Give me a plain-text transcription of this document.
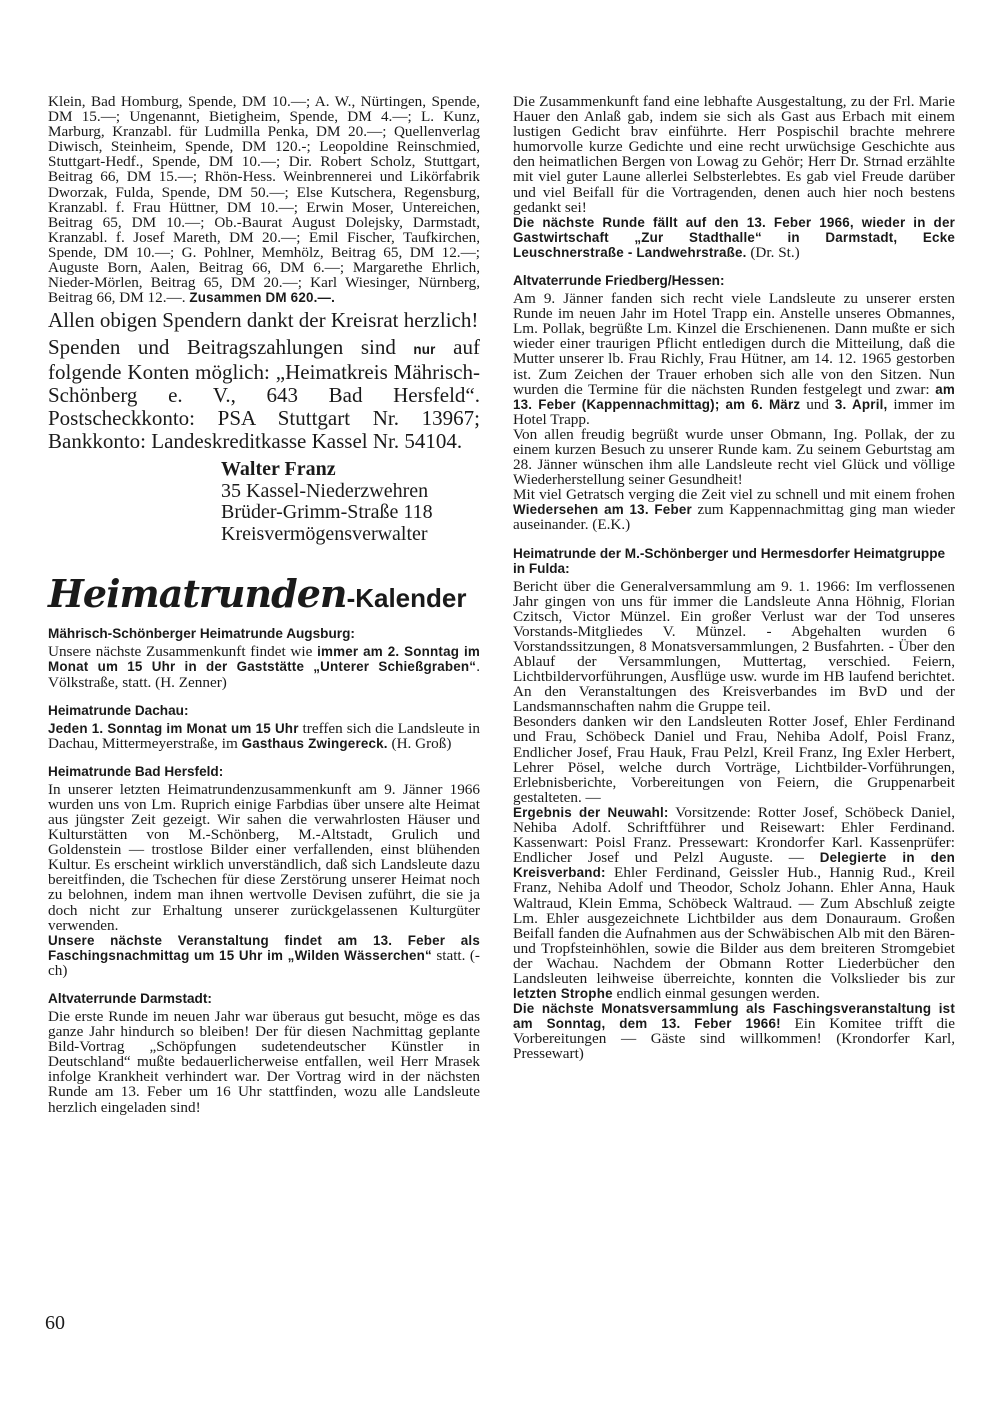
Klein, Bad Homburg, Spende, DM 10.—; A. W., Nürtingen, Spende, DM 15.—; Ungenannt, Bietigheim, Spende, DM 4.—; L. Kunz, Marburg, Kranzabl. für Ludmilla Penka, DM 20.—; Quellenverlag Diwisch, Steinheim, Spende, DM 120.-; Leopoldine Reinschmied, Stuttgart-Hedf., Spende, DM 10.—; Dir. Robert Scholz, Stuttgart, Beitrag 66, DM 15.—; Rhön-Hess. Weinbrennerei und Likörfabrik Dworzak, Fulda, Spende, DM 50.—; Else Kutschera, Regensburg, Kranzabl. f. Frau Hüttner, DM 10.—; Erwin Moser, Untereichen, Beitrag 65, DM 10.—; Ob.-Baurat August Dolejsky, Darmstadt, Kranzabl. f. Josef Mareth, DM 20.—; Emil Fischer, Taufkirchen, Spende, DM 10.—; G. Pohlner, Memhölz, Beitrag 65, DM 12.—; Auguste Born, Aalen, Beitrag 66, DM 6.—; Margarethe Ehrlich, Nieder-Mörlen, Beitrag 65, DM 20.—; Karl Wiesinger, Nürnberg, Beitrag 66, DM 12.—. Zusammen DM 620.—.

Allen obigen Spendern dankt der Kreisrat herzlich!

Spenden und Beitragszahlungen sind nur auf folgende Konten möglich: „Heimatkreis Mährisch-Schönberg e. V., 643 Bad Hersfeld“. Postscheckkonto: PSA Stuttgart Nr. 13967; Bankkonto: Landeskreditkasse Kassel Nr. 54104.

Walter Franz
35 Kassel-Niederzwehren
Brüder-Grimm-Straße 118
Kreisvermögensverwalter
Heimatrunden-Kalender
Mährisch-Schönberger Heimatrunde Augsburg:

Unsere nächste Zusammenkunft findet wie immer am 2. Sonntag im Monat um 15 Uhr in der Gaststätte „Unterer Schießgraben“. Völkstraße, statt. (H. Zenner)

Heimatrunde Dachau:

Jeden 1. Sonntag im Monat um 15 Uhr treffen sich die Landsleute in Dachau, Mittermeyerstraße, im Gasthaus Zwingereck. (H. Groß)

Heimatrunde Bad Hersfeld:

In unserer letzten Heimatrundenzusammenkunft am 9. Jänner 1966 wurden uns von Lm. Ruprich einige Farbdias über unsere alte Heimat aus jüngster Zeit gezeigt. Wir sahen die verwahrlosten Häuser und Kulturstätten von M.-Schönberg, M.-Altstadt, Grulich und Goldenstein — trostlose Bilder einer verfallenden, einst blühenden Kultur. Es erscheint wirklich unverständlich, daß sich Landsleute dazu bereitfinden, die Tschechen für diese Zerstörung unserer Heimat noch zu belohnen, indem man ihnen wertvolle Devisen zuführt, die sie ja doch nicht zur Erhaltung unserer zurückgelassenen Kulturgüter verwenden.

Unsere nächste Veranstaltung findet am 13. Feber als Faschingsnachmittag um 15 Uhr im „Wilden Wässerchen“ statt. (-ch)

Altvaterrunde Darmstadt:

Die erste Runde im neuen Jahr war überaus gut besucht, möge es das ganze Jahr hindurch so bleiben! Der für diesen Nachmittag geplante Bild-Vortrag „Schöpfungen sudetendeutscher Künstler in Deutschland“ mußte bedauerlicherweise entfallen, weil Herr Mrasek infolge Krankheit verhindert war. Der Vortrag wird in der nächsten Runde am 13. Feber um 16 Uhr stattfinden, wozu alle Landsleute herzlich eingeladen sind!

Die Zusammenkunft fand eine lebhafte Ausgestaltung, zu der Frl. Marie Hauer den Anlaß gab, indem sie sich als Gast aus Erbach mit einem lustigen Gedicht brav einführte. Herr Pospischil brachte mehrere humorvolle kurze Gedichte und eine recht urwüchsige Geschichte aus den heimatlichen Bergen von Lowag zu Gehör; Herr Dr. Strnad erzählte mit viel guter Laune allerlei Selbsterlebtes. Es gab viel Freude darüber und viel Beifall für die Vortragenden, denen auch hier noch bestens gedankt sei!

Die nächste Runde fällt auf den 13. Feber 1966, wieder in der Gastwirtschaft „Zur Stadthalle“ in Darmstadt, Ecke Leuschnerstraße - Landwehrstraße. (Dr. St.)

Altvaterrunde Friedberg/Hessen:

Am 9. Jänner fanden sich recht viele Landsleute zu unserer ersten Runde im neuen Jahr im Hotel Trapp ein. Anstelle unseres Obmannes, Lm. Pollak, begrüßte Lm. Kinzel die Erschienenen. Dann mußte er sich wieder einer traurigen Pflicht entledigen durch die Mitteilung, daß die Mutter unserer lb. Frau Richly, Frau Hütner, am 14. 12. 1965 gestorben ist. Zum Zeichen der Trauer erhoben sich alle von den Sitzen. Nun wurden die Termine für die nächsten Runden festgelegt und zwar: am 13. Feber (Kappennachmittag); am 6. März und 3. April, immer im Hotel Trapp.

Von allen freudig begrüßt wurde unser Obmann, Ing. Pollak, der zu einem kurzen Besuch zu unserer Runde kam. Zu seinem Geburtstag am 28. Jänner wünschen ihm alle Landsleute recht viel Glück und völlige Wiederherstellung seiner Gesundheit!

Mit viel Getratsch verging die Zeit viel zu schnell und mit einem frohen Wiedersehen am 13. Feber zum Kappennachmittag ging man wieder auseinander. (E.K.)

Heimatrunde der M.-Schönberger und Hermesdorfer Heimatgruppe in Fulda:

Bericht über die Generalversammlung am 9. 1. 1966: Im verflossenen Jahr gingen von uns für immer die Landsleute Anna Höhnig, Florian Czitsch, Victor Münzel. Ein großer Verlust war der Tod unseres Vorstands-Mitgliedes V. Münzel. - Abgehalten wurden 6 Vorstandssitzungen, 8 Monatsversammlungen, 2 Busfahrten. - Über den Ablauf der Versammlungen, Muttertag, verschied. Feiern, Lichtbildervorführungen, Ausflüge usw. wurde im HB laufend berichtet. An den Veranstaltungen des Kreisverbandes im BvD und der Landsmannschaften nahm die Gruppe teil.

Besonders danken wir den Landsleuten Rotter Josef, Ehler Ferdinand und Frau, Schöbeck Daniel und Frau, Nehiba Adolf, Poisl Franz, Endlicher Josef, Frau Hauk, Frau Pelzl, Kreil Franz, Ing Exler Herbert, Lehrer Pösel, welche durch Vorträge, Lichtbilder-Vorführungen, Erlebnisberichte, Vorbereitungen von Feiern, die Gruppenarbeit gestalteten. —

Ergebnis der Neuwahl: Vorsitzende: Rotter Josef, Schöbeck Daniel, Nehiba Adolf. Schriftführer und Reisewart: Ehler Ferdinand. Kassenwart: Poisl Franz. Pressewart: Krondorfer Karl. Kassenprüfer: Endlicher Josef und Pelzl Auguste. — Delegierte in den Kreisverband: Ehler Ferdinand, Geissler Hub., Hannig Rud., Kreil Franz, Nehiba Adolf und Theodor, Scholz Johann. Ehler Anna, Hauk Waltraud, Klein Emma, Schöbeck Waltraud. — Zum Abschluß zeigte Lm. Ehler ausgezeichnete Lichtbilder aus dem Donauraum. Großen Beifall fanden die Aufnahmen aus der Schwäbischen Alb mit den Bären- und Tropfsteinhöhlen, sowie die Bilder aus dem breiteren Stromgebiet der Wachau. Nachdem der Obmann Rotter Liederbücher den Landsleuten leihweise überreichte, konnten die Volkslieder bis zur letzten Strophe endlich einmal gesungen werden.

Die nächste Monatsversammlung als Faschingsveranstaltung ist am Sonntag, dem 13. Feber 1966! Ein Komitee trifft die Vorbereitungen — Gäste sind willkommen! (Krondorfer Karl, Pressewart)

60
